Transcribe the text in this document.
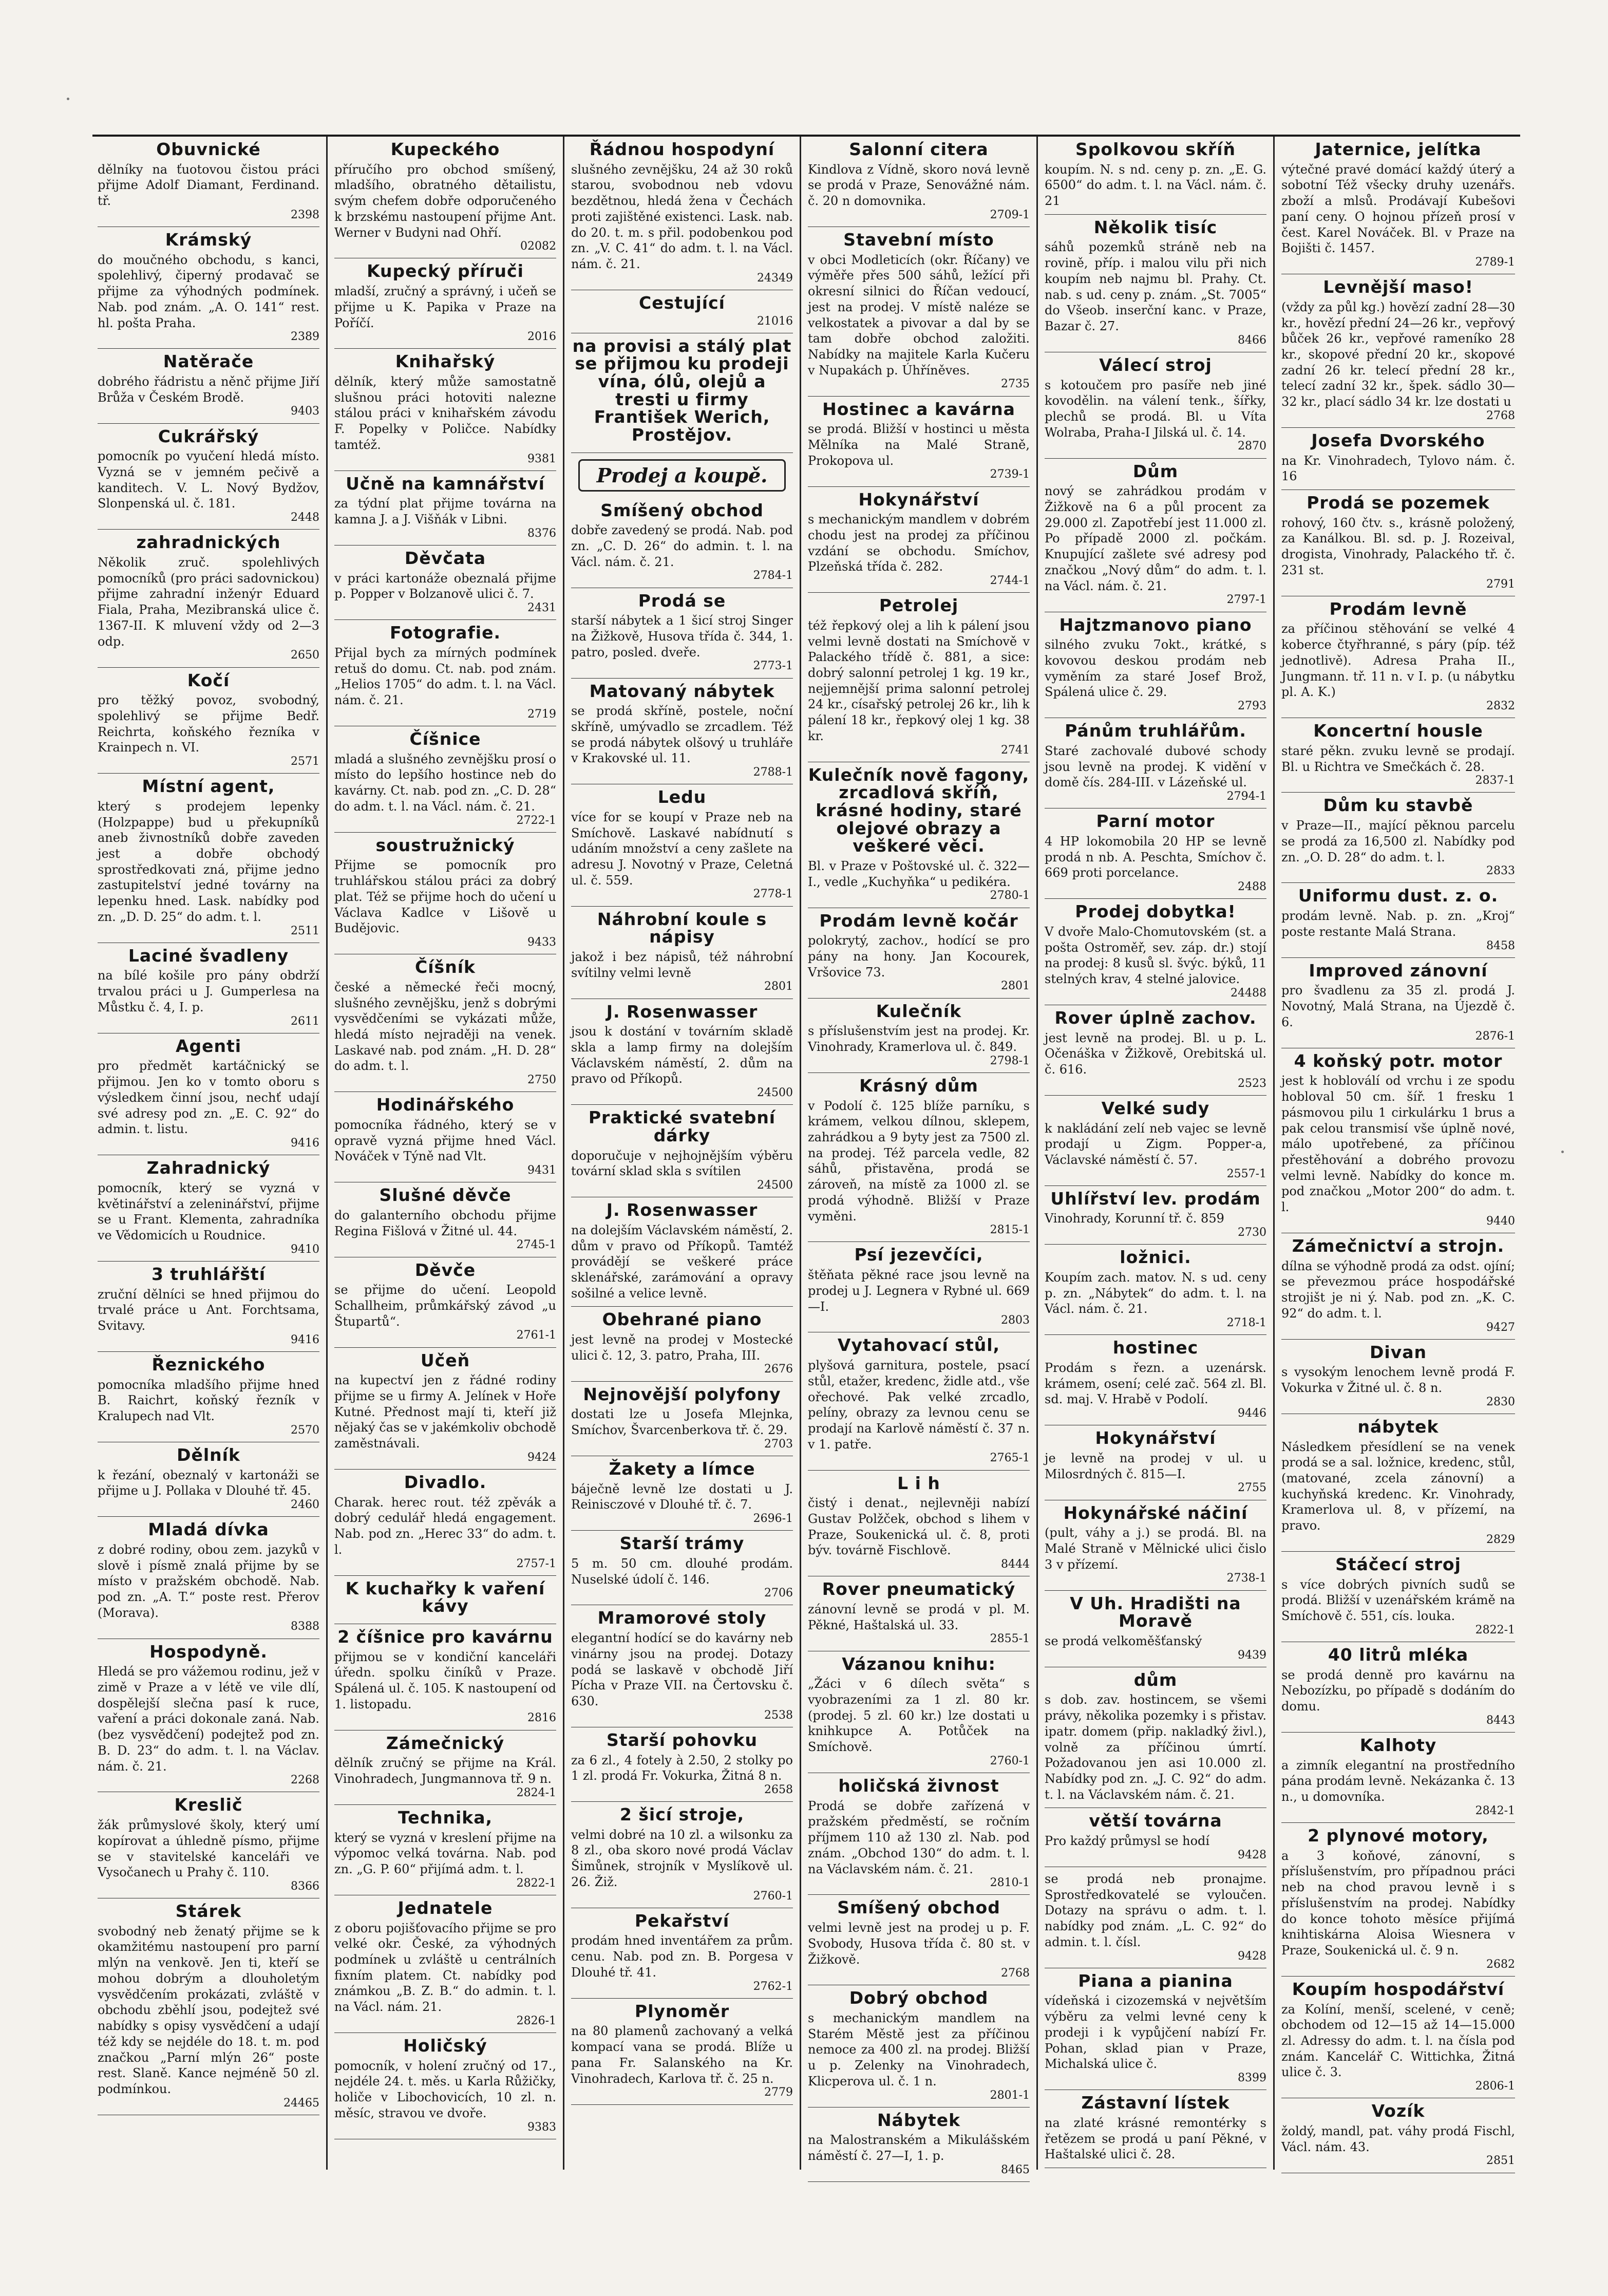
Obuvnické

dělníky na ťuotovou čistou práci přijme Adolf Diamant, Ferdinand. tř.

2398
Krámský

do moučného obchodu, s kanci, spolehlivý, čiperný prodavač se přijme za výhodných podmínek. Nab. pod znám. „A. O. 141“ rest. hl. pošta Praha.

2389
Natěrače

dobrého řádristu a něnč přijme Jiří Brůža v Českém Brodě.

9403
Cukrářský

pomocník po vyučení hledá místo. Vyzná se v jemném pečivě a kanditech. V. L. Nový Bydžov, Slonpenská ul. č. 181.

2448
zahradnických

Několik zruč. spolehlivých pomocníků (pro práci sadovnickou) přijme zahradní inženýr Eduard Fiala, Praha, Mezibranská ulice č. 1367-II. K mluvení vždy od 2—3 odp.

2650
Kočí

pro těžký povoz, svobodný, spolehlivý se přijme Bedř. Reichrta, koňského řezníka v Krainpech n. VI.

2571
Místní agent,

který s prodejem lepenky (Holzpappe) bud u překupníků aneb živnostníků dobře zaveden jest a dobře obchodý sprostředkovati zná, přijme jedno zastupitelství jedné továrny na lepenku hned. Lask. nabídky pod zn. „D. D. 25“ do adm. t. l.

2511
Laciné švadleny

na bílé košile pro pány obdrží trvalou práci u J. Gumperlesa na Můstku č. 4, I. p.

2611
Agenti

pro předmět kartáčnický se přijmou. Jen ko v tomto oboru s výsledkem činní jsou, nechť udají své adresy pod zn. „E. C. 92“ do admin. t. listu.

9416
Zahradnický

pomocník, který se vyzná v květinářství a zeleninářství, přijme se u Frant. Klementa, zahradníka ve Vědomicích u Roudnice.

9410
3 truhlářští

zruční dělníci se hned přijmou do trvalé práce u Ant. Forchtsama, Svitavy.

9416
Řeznického

pomocníka mladšího přijme hned B. Raichrt, koňský řezník v Kralupech nad Vlt.

2570
Dělník

k řezání, obeznalý v kartonáži se přijme u J. Pollaka v Dlouhé tř. 45.

2460
Mladá dívka

z dobré rodiny, obou zem. jazyků v slově i písmě znalá přijme by se místo v pražském obchodě. Nab. pod zn. „A. T.“ poste rest. Přerov (Morava).

8388
Hospodyně.

Hledá se pro vážemou rodinu, jež v zimě v Praze a v létě ve vile dlí, dospělejší slečna pasí k ruce, vaření a práci dokonale zaná. Nab. (bez vysvědčení) podejtež pod zn. B. D. 23“ do adm. t. l. na Václav. nám. č. 21.

2268
Kreslič

žák průmyslové školy, který umí kopírovat a úhledně písmo, přijme se v stavitelské kanceláři ve Vysočanech u Prahy č. 110.

8366
Stárek

svobodný neb ženatý přijme se k okamžitému nastoupení pro parní mlýn na venkově. Jen ti, kteří se mohou dobrým a dlouholetým vysvědčením prokázati, zvláště v obchodu zběhlí jsou, podejtež své nabídky s opisy vysvědčení a udají též kdy se nejdéle do 18. t. m. pod značkou „Parní mlýn 26“ poste rest. Slaně. Kance nejméně 50 zl. podmínkou.

24465
Kupeckého

příručího pro obchod smíšený, mladšího, obratného dětailistu, svým chefem dobře odporučeného k brzskému nastoupení přijme Ant. Werner v Budyni nad Ohří.

02082
Kupecký příruči

mladší, zručný a správný, i učeň se přijme u K. Papika v Praze na Poříčí.

2016
Knihařský

dělník, který může samostatně slušnou práci hotoviti nalezne stálou práci v knihařském závodu F. Popelky v Poličce. Nabídky tamtéž.

9381
Učně na kamnářství

za týdní plat přijme továrna na kamna J. a J. Višňák v Libni.

8376
Děvčata

v práci kartonáže obeznalá přijme p. Popper v Bolzanově ulici č. 7.

2431
Fotografie.

Přijal bych za mírných podmínek retuš do domu. Ct. nab. pod znám. „Helios 1705“ do adm. t. l. na Václ. nám. č. 21.

2719
Číšnice

mladá a slušného zevnějšku prosí o místo do lepšího hostince neb do kavárny. Ct. nab. pod zn. „C. D. 28“ do adm. t. l. na Václ. nám. č. 21.

2722-1
soustružnický

Přijme se pomocník pro truhlářskou stálou práci za dobrý plat. Též se přijme hoch do učení u Václava Kadlce v Lišově u Budějovic.

9433
Číšník

české a německé řeči mocný, slušného zevnějšku, jenž s dobrými vysvědčeními se vykázati může, hledá místo nejraději na venek. Laskavé nab. pod znám. „H. D. 28“ do adm. t. l.

2750
Hodinářského

pomocníka řádného, který se v opravě vyzná přijme hned Václ. Nováček v Týně nad Vlt.

9431
Slušné děvče

do galanterního obchodu přijme Regina Fišlová v Žitné ul. 44.

2745-1
Děvče

se přijme do učení. Leopold Schallheim, průmkářský závod „u Štupartů“.

2761-1
Učeň

na kupectví jen z řádné rodiny přijme se u firmy A. Jelínek v Hoře Kutné. Přednost mají ti, kteří již nějaký čas se v jakémkoliv obchodě zaměstnávali.

9424
Divadlo.

Charak. herec rout. též zpěvák a dobrý cedulář hledá engagement. Nab. pod zn. „Herec 33“ do adm. t. l.

2757-1
K kuchařky k vaření kávy
2 číšnice pro kavárnu

přijmou se v kondiční kanceláři úředn. spolku činíků v Praze. Spálená ul. č. 105. K nastoupení od 1. listopadu.

2816
Zámečnický

dělník zručný se přijme na Král. Vinohradech, Jungmannova tř. 9 n.

2824-1
Technika,

který se vyzná v kreslení přijme na výpomoc velká továrna. Nab. pod zn. „G. P. 60“ přijímá adm. t. l.

2822-1
Jednatele

z oboru pojišťovacího přijme se pro velké okr. České, za výhodných podmínek u zvláště u centrálních fixním platem. Ct. nabídky pod známkou „B. Z. B.“ do admin. t. l. na Václ. nám. 21.

2826-1
Holičský

pomocník, v holení zručný od 17., nejdéle 24. t. měs. u Karla Růžičky, holiče v Libochovicích, 10 zl. n. měsíc, stravou ve dvoře.

9383
Řádnou hospodyní

slušného zevnějšku, 24 až 30 roků starou, svobodnou neb vdovu bezdětnou, hledá žena v Čechách proti zajištěné existenci. Lask. nab. do 20. t. m. s přil. podobenkou pod zn. „V. C. 41“ do adm. t. l. na Václ. nám. č. 21.

24349
Cestující
21016
na provisi a stálý plat se přijmou ku prodeji vína, ólů, olejů a tresti u firmy František Werich, Prostějov.
Prodej a koupě.
Smíšený obchod

dobře zavedený se prodá. Nab. pod zn. „C. D. 26“ do admin. t. l. na Václ. nám. č. 21.

2784-1
Prodá se

starší nábytek a 1 šicí stroj Singer na Žižkově, Husova třída č. 344, 1. patro, posled. dveře.

2773-1
Matovaný nábytek

se prodá skříně, postele, noční skříně, umývadlo se zrcadlem. Též se prodá nábytek olšový u truhláře v Krakovské ul. 11.

2788-1
Ledu

více for se koupí v Praze neb na Smíchově. Laskavé nabídnutí s udáním množství a ceny zašlete na adresu J. Novotný v Praze, Celetná ul. č. 559.

2778-1
Náhrobní koule s nápisy

jakož i bez nápisů, též náhrobní svítilny velmi levně

2801
J. Rosenwasser

jsou k dostání v továrním skladě skla a lamp firmy na dolejším Václavském náměstí, 2. dům na pravo od Příkopů.

24500
Praktické svatební dárky

doporučuje v nejhojnějším výběru tovární sklad skla s svítilen

24500
J. Rosenwasser

na dolejším Václavském náměstí, 2. dům v pravo od Příkopů. Tamtéž provádějí se veškeré práce sklenářské, zarámování a opravy sošilné a velice levně.

Obehrané piano

jest levně na prodej v Mostecké ulici č. 12, 3. patro, Praha, III.

2676
Nejnovější polyfony

dostati lze u Josefa Mlejnka, Smíchov, Švarcenberkova tř. č. 29.

2703
Žakety a límce

báječně levně lze dostati u J. Reinisczové v Dlouhé tř. č. 7.

2696-1
Starší trámy

5 m. 50 cm. dlouhé prodám. Nuselské údolí č. 146.

2706
Mramorové stoly

elegantní hodící se do kavárny neb vinárny jsou na prodej. Dotazy podá se laskavě v obchodě Jiří Pícha v Praze VII. na Čertovsku č. 630.

2538
Starší pohovku

za 6 zl., 4 fotely à 2.50, 2 stolky po 1 zl. prodá Fr. Vokurka, Žitná 8 n.

2658
2 šicí stroje,

velmi dobré na 10 zl. a wilsonku za 8 zl., oba skoro nové prodá Václav Šimůnek, strojník v Myslíkově ul. 26. Žiž.

2760-1
Pekařství

prodám hned inventářem za prům. cenu. Nab. pod zn. B. Porgesa v Dlouhé tř. 41.

2762-1
Plynoměr

na 80 plamenů zachovaný a velká kompací vana se prodá. Blíže u pana Fr. Salanského na Kr. Vinohradech, Karlova tř. č. 25 n.

2779
Salonní citera

Kindlova z Vídně, skoro nová levně se prodá v Praze, Senovážné nám. č. 20 n domovnika.

2709-1
Stavební místo

v obci Modleticích (okr. Říčany) ve výměře přes 500 sáhů, ležící při okresní silnici do Říčan vedoucí, jest na prodej. V místě naléze se velkostatek a pivovar a dal by se tam dobře obchod založiti. Nabídky na majitele Karla Kučeru v Nupakách p. Úhříněves.

2735
Hostinec a kavárna

se prodá. Bližší v hostinci u města Mělníka na Malé Straně, Prokopova ul.

2739-1
Hokynářství

s mechanickým mandlem v dobrém chodu jest na prodej za příčinou vzdání se obchodu. Smíchov, Plzeňská třída č. 282.

2744-1
Petrolej

též řepkový olej a lih k pálení jsou velmi levně dostati na Smíchově v Palackého třídě č. 881, a sice: dobrý salonní petrolej 1 kg. 19 kr., nejjemnější prima salonní petrolej 24 kr., císařský petrolej 26 kr., lih k pálení 18 kr., řepkový olej 1 kg. 38 kr.

2741
Kulečník nově fagony, zrcadlová skříň, krásné hodiny, staré olejové obrazy a veškeré věci.

Bl. v Praze v Poštovské ul. č. 322—I., vedle „Kuchyňka“ u pedikéra.

2780-1
Prodám levně kočár

polokrytý, zachov., hodící se pro pány na hony. Jan Kocourek, Vršovice 73.

2801
Kulečník

s příslušenstvím jest na prodej. Kr. Vinohrady, Kramerlova ul. č. 849.

2798-1
Krásný dům

v Podolí č. 125 blíže parníku, s krámem, velkou dílnou, sklepem, zahrádkou a 9 byty jest za 7500 zl. na prodej. Též parcela vedle, 82 sáhů, přistavěna, prodá se zároveň, na místě za 1000 zl. se prodá výhodně. Bližší v Praze vyměni.

2815-1
Psí jezevčíci,

štěňata pěkné race jsou levně na prodej u J. Legnera v Rybné ul. 669—I.

2803
Vytahovací stůl,

plyšová garnitura, postele, psací stůl, etažer, kredenc, židle atd., vše ořechové. Pak velké zrcadlo, pelíny, obrazy za levnou cenu se prodají na Karlově náměstí č. 37 n. v 1. patře.

2765-1
L i h

čistý i denat., nejlevněji nabízí Gustav Polžček, obchod s lihem v Praze, Soukenická ul. č. 8, proti býv. továrně Fischlově.

8444
Rover pneumatický

zánovní levně se prodá v pl. M. Pěkné, Haštalská ul. 33.

2855-1
Vázanou knihu:

„Žáci v 6 dílech světa“ s vyobrazeními za 1 zl. 80 kr. (prodej. 5 zl. 60 kr.) lze dostati u knihkupce A. Potůček na Smíchově.

2760-1
holičská živnost

Prodá se dobře zařízená v pražském předměstí, se ročním příjmem 110 až 130 zl. Nab. pod znám. „Obchod 130“ do adm. t. l. na Václavském nám. č. 21.

2810-1
Smíšený obchod

velmi levně jest na prodej u p. F. Svobody, Husova třída č. 80 st. v Žižkově.

2768
Dobrý obchod

s mechanickým mandlem na Starém Městě jest za příčinou nemoce za 400 zl. na prodej. Bližší u p. Zelenky na Vinohradech, Klicperova ul. č. 1 n.

2801-1
Nábytek

na Malostranském a Mikulášském náměstí č. 27—I, 1. p.

8465
Spolkovou skříň

koupím. N. s nd. ceny p. zn. „E. G. 6500“ do adm. t. l. na Václ. nám. č. 21

Několik tisíc

sáhů pozemků stráně neb na rovině, příp. i malou vilu při nich koupím neb najmu bl. Prahy. Ct. nab. s ud. ceny p. znám. „St. 7005“ do Všeob. inserční kanc. v Praze, Bazar č. 27.

8466
Válecí stroj

s kotoučem pro pasíře neb jiné kovodělin. na válení tenk., šířky, plechů se prodá. Bl. u Víta Wolraba, Praha-I Jilská ul. č. 14.

2870
Dům

nový se zahrádkou prodám v Žižkově na 6 a půl procent za 29.000 zl. Zapotřebí jest 11.000 zl. Po případě 2000 zl. počkám. Knupující zašlete své adresy pod značkou „Nový dům“ do adm. t. l. na Václ. nám. č. 21.

2797-1
Hajtzmanovo piano

silného zvuku 7okt., krátké, s kovovou deskou prodám neb vyměním za staré Josef Brož, Spálená ulice č. 29.

2793
Pánům truhlářům.

Staré zachovalé dubové schody jsou levně na prodej. K vidění v domě čís. 284-III. v Lázeňské ul.

2794-1
Parní motor

4 HP lokomobila 20 HP se levně prodá n nb. A. Peschta, Smíchov č. 669 proti porcelance.

2488
Prodej dobytka!

V dvoře Malo-Chomutovském (st. a pošta Ostroměř, sev. záp. dr.) stojí na prodej: 8 kusů sl. švýc. býků, 11 stelných krav, 4 stelné jalovice.

24488
Rover úplně zachov.

jest levně na prodej. Bl. u p. L. Očenáška v Žižkově, Orebitská ul. č. 616.

2523
Velké sudy

k nakládání zelí neb vajec se levně prodají u Zigm. Popper-a, Václavské náměstí č. 57.

2557-1
Uhlířství lev. prodám

Vinohrady, Korunní tř. č. 859

2730
ložnici.

Koupím zach. matov. N. s ud. ceny p. zn. „Nábytek“ do adm. t. l. na Václ. nám. č. 21.

2718-1
hostinec

Prodám s řezn. a uzenársk. krámem, osení; celé zač. 564 zl. Bl. sd. maj. V. Hrabě v Podolí.

9446
Hokynářství

je levně na prodej v ul. u Milosrdných č. 815—I.

2755
Hokynářské náčiní

(pult, váhy a j.) se prodá. Bl. na Malé Straně v Mělnické ulici čislo 3 v přízemí.

2738-1
V Uh. Hradišti na Moravě

se prodá velkoměšťanský

9439
dům

s dob. zav. hostincem, se všemi právy, několika pozemky i s přistav. ipatr. domem (přip. nakladký živl.), volně za příčinou úmrtí. Požadovanou jen asi 10.000 zl. Nabídky pod zn. „J. C. 92“ do adm. t. l. na Václavském nám. č. 21.

větší továrna

Pro každý průmysl se hodí

9428

se prodá neb pronajme. Sprostředkovatelé se vyloučen. Dotazy na správu o adm. t. l. nabídky pod znám. „L. C. 92“ do admin. t. l. čísl.

9428
Piana a pianina

vídeňská i cizozemská v největším výběru za velmi levné ceny k prodeji i k vypůjčení nabízí Fr. Pohan, sklad pian v Praze, Michalská ulice č.

8399
Zástavní lístek

na zlaté krásné remontérky s řetězem se prodá u paní Pěkné, v Haštalské ulici č. 28.

Jaternice, jelítka

výtečné pravé domácí každý úterý a sobotní Též všecky druhy uzenářs. zboží a mlsů. Prodávají Kubešovi paní ceny. O hojnou přízeň prosí v čest. Karel Nováček. Bl. v Praze na Bojišti č. 1457.

2789-1
Levnější maso!

(vždy za půl kg.) hovězí zadní 28—30 kr., hovězí přední 24—26 kr., vepřový bůček 26 kr., vepřové rameníko 28 kr., skopové přední 20 kr., skopové zadní 26 kr. telecí přední 28 kr., telecí zadní 32 kr., špek. sádlo 30—32 kr., plací sádlo 34 kr. lze dostati u

2768
Josefa Dvorského

na Kr. Vinohradech, Tylovo nám. č. 16

Prodá se pozemek

rohový, 160 čtv. s., krásně položený, za Kanálkou. Bl. sd. p. J. Rozeival, drogista, Vinohrady, Palackého tř. č. 231 st.

2791
Prodám levně

za příčinou stěhování se velké 4 koberce čtyřhranné, s páry (píp. též jednotlivě). Adresa Praha II., Jungmann. tř. 11 n. v I. p. (u nábytku pl. A. K.)

2832
Koncertní housle

staré pěkn. zvuku levně se prodají. Bl. u Richtra ve Smečkách č. 28.

2837-1
Dům ku stavbě

v Praze—II., mající pěknou parcelu se prodá za 16,500 zl. Nabídky pod zn. „O. D. 28“ do adm. t. l.

2833
Uniformu dust. z. o.

prodám levně. Nab. p. zn. „Kroj“ poste restante Malá Strana.

8458
Improved zánovní

pro švadlenu za 35 zl. prodá J. Novotný, Malá Strana, na Újezdě č. 6.

2876-1
4 koňský potr. motor

jest k hobloválí od vrchu i ze spodu hobloval 50 cm. šíř. 1 fresku 1 pásmovou pilu 1 cirkulárku 1 brus a pak celou transmisí vše úplně nové, málo upotřebené, za příčinou přestěhování a dobrého provozu velmi levně. Nabídky do konce m. pod značkou „Motor 200“ do adm. t. l.

9440
Zámečnictví a strojn.

dílna se výhodně prodá za odst. ojíní; se převezmou práce hospodářské strojišt je ni ý. Nab. pod zn. „K. C. 92“ do adm. t. l.

9427
Divan

s vysokým lenochem levně prodá F. Vokurka v Žitné ul. č. 8 n.

2830
nábytek

Následkem přesídlení se na venek prodá se a sal. ložnice, kredenc, stůl, (matované, zcela zánovní) a kuchyňská kredenc. Kr. Vinohrady, Kramerlova ul. 8, v přízemí, na pravo.

2829
Stáčecí stroj

s více dobrých pivních sudů se prodá. Bližší v uzenářském krámě na Smíchově č. 551, cís. louka.

2822-1
40 litrů mléka

se prodá denně pro kavárnu na Nebozízku, po případě s dodáním do domu.

8443
Kalhoty

a zimník elegantní na prostředního pána prodám levně. Nekázanka č. 13 n., u domovníka.

2842-1
2 plynové motory,

a 3 koňové, zánovní, s příslušenstvím, pro případnou práci neb na chod pravou levně i s příslušenstvím na prodej. Nabídky do konce tohoto měsíce přijímá knihtiskárna Aloisa Wiesnera v Praze, Soukenická ul. č. 9 n.

2682
Koupím hospodářství

za Kolíní, menší, scelené, v ceně; obchodem od 12—15 až 14—15.000 zl. Adressy do adm. t. l. na čísla pod znám. Kancelář C. Wittichka, Žitná ulice č. 3.

2806-1
Vozík

žoldý, mandl, pat. váhy prodá Fischl, Václ. nám. 43.

2851
